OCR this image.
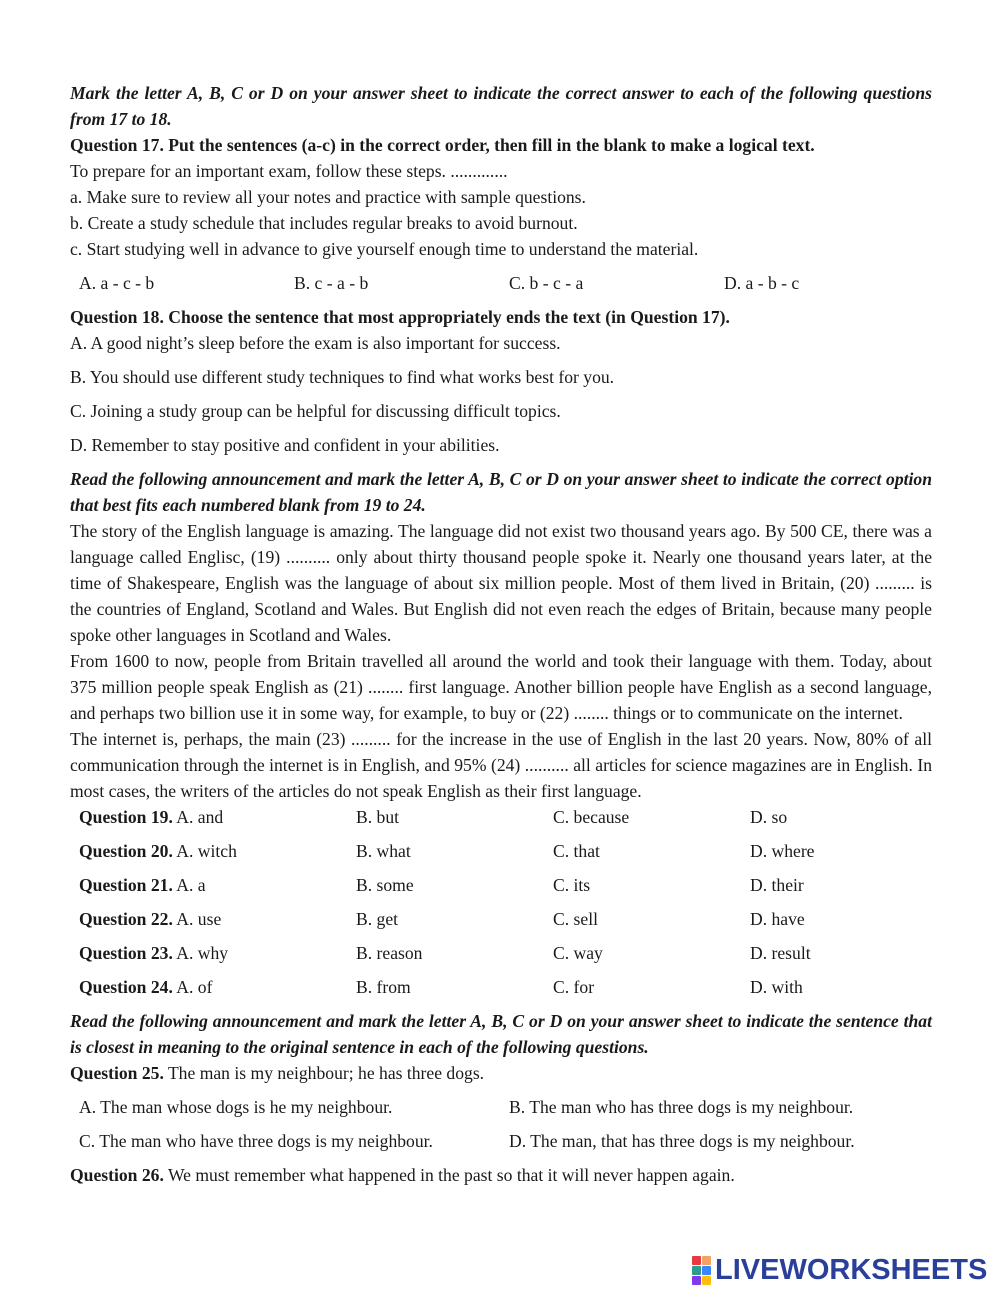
Mark the letter A, B, C or D on your answer sheet to indicate the correct answer to each of the following questions from 17 to 18.
Question 17. Put the sentences (a-c) in the correct order, then fill in the blank to make a logical text.
To prepare for an important exam, follow these steps. .............
a. Make sure to review all your notes and practice with sample questions.
b. Create a study schedule that includes regular breaks to avoid burnout.
c. Start studying well in advance to give yourself enough time to understand the material.
A. a - c - b	B. c - a - b	C. b - c - a	D. a - b - c
Question 18. Choose the sentence that most appropriately ends the text (in Question 17).
A. A good night’s sleep before the exam is also important for success.
B. You should use different study techniques to find what works best for you.
C. Joining a study group can be helpful for discussing difficult topics.
D. Remember to stay positive and confident in your abilities.
Read the following announcement and mark the letter A, B, C or D on your answer sheet to indicate the correct option that best fits each numbered blank from 19 to 24.
The story of the English language is amazing. The language did not exist two thousand years ago. By 500 CE, there was a language called Englisc, (19) .......... only about thirty thousand people spoke it. Nearly one thousand years later, at the time of Shakespeare, English was the language of about six million people. Most of them lived in Britain, (20) ......... is the countries of England, Scotland and Wales. But English did not even reach the edges of Britain, because many people spoke other languages in Scotland and Wales.
From 1600 to now, people from Britain travelled all around the world and took their language with them. Today, about 375 million people speak English as (21) ........ first language. Another billion people have English as a second language, and perhaps two billion use it in some way, for example, to buy or (22) ........ things or to communicate on the internet.
The internet is, perhaps, the main (23) ......... for the increase in the use of English in the last 20 years. Now, 80% of all communication through the internet is in English, and 95% (24) .......... all articles for science magazines are in English. In most cases, the writers of the articles do not speak English as their first language.
Question 19. A. and	B. but	C. because	D. so
Question 20. A. witch	B. what	C. that	D. where
Question 21. A. a	B. some	C. its	D. their
Question 22. A. use	B. get	C. sell	D. have
Question 23. A. why	B. reason	C. way	D. result
Question 24. A. of	B. from	C. for	D. with
Read the following announcement and mark the letter A, B, C or D on your answer sheet to indicate the sentence that is closest in meaning to the original sentence in each of the following questions.
Question 25. The man is my neighbour; he has three dogs.
A. The man whose dogs is he my neighbour.	B. The man who has three dogs is my neighbour.
C. The man who have three dogs is my neighbour.	D. The man, that has three dogs is my neighbour.
Question 26. We must remember what happened in the past so that it will never happen again.
LIVEWORKSHEETS
